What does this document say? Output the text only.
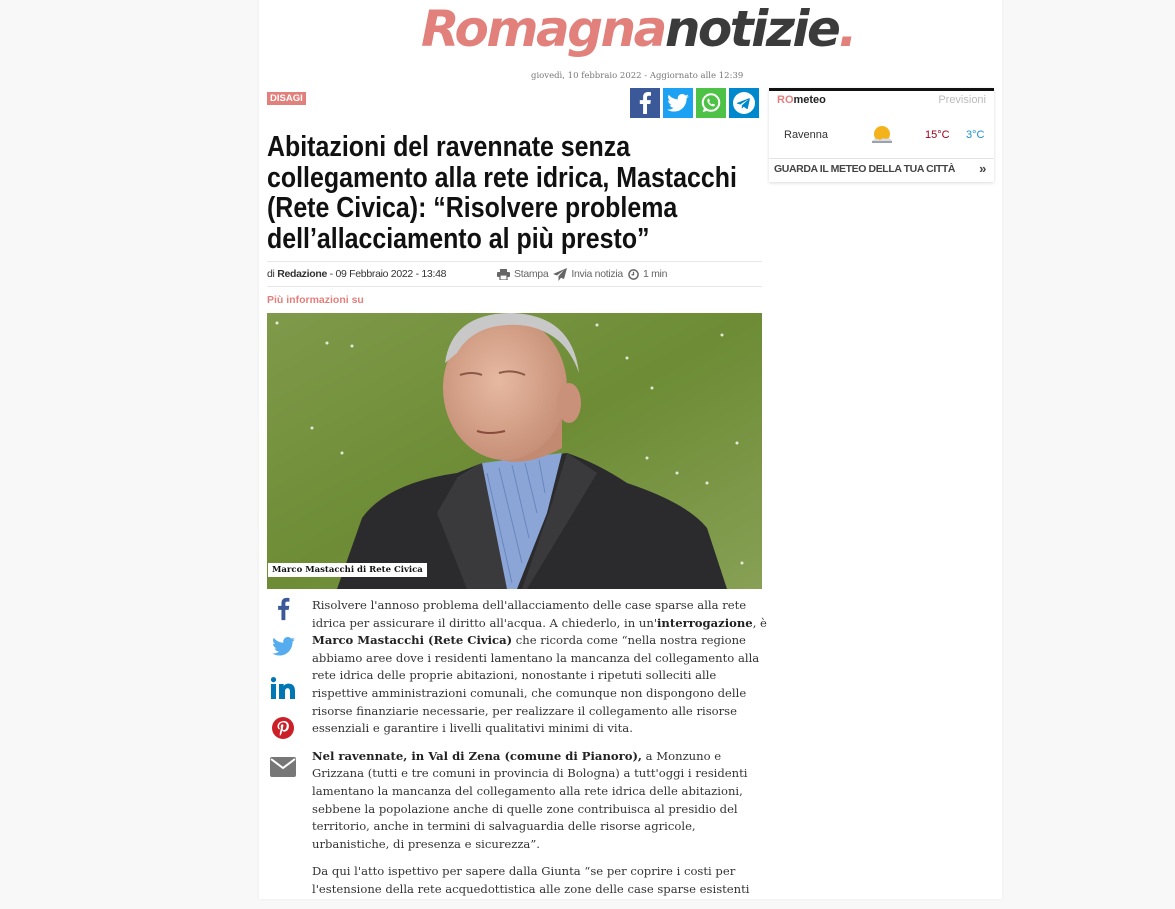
Romagnanotizie.
giovedì, 10 febbraio 2022 - Aggiornato alle 12:39
DISAGI
Abitazioni del ravennate senza collegamento alla rete idrica, Mastacchi (Rete Civica): “Risolvere problema dell’allacciamento al più presto”
di Redazione - 09 Febbraio 2022 - 13:48	Stampa Invia notizia 1 min
Più informazioni su
Marco Mastacchi di Rete Civica

Risolvere l'annoso problema dell'allacciamento delle case sparse alla rete idrica per assicurare il diritto all'acqua. A chiederlo, in un'interrogazione, è Marco Mastacchi (Rete Civica) che ricorda come “nella nostra regione abbiamo aree dove i residenti lamentano la mancanza del collegamento alla rete idrica delle proprie abitazioni, nonostante i ripetuti solleciti alle rispettive amministrazioni comunali, che comunque non dispongono delle risorse finanziarie necessarie, per realizzare il collegamento alle risorse essenziali e garantire i livelli qualitativi minimi di vita.

Nel ravennate, in Val di Zena (comune di Pianoro), a Monzuno e Grizzana (tutti e tre comuni in provincia di Bologna) a tutt'oggi i residenti lamentano la mancanza del collegamento alla rete idrica delle abitazioni, sebbene la popolazione anche di quelle zone contribuisca al presidio del territorio, anche in termini di salvaguardia delle risorse agricole, urbanistiche, di presenza e sicurezza”.

Da qui l'atto ispettivo per sapere dalla Giunta “se per coprire i costi per l'estensione della rete acquedottistica alle zone delle case sparse esistenti

ROmeteo	Previsioni
Ravenna	15°C 3°C
GUARDA IL METEO DELLA TUA CITTÀ »
